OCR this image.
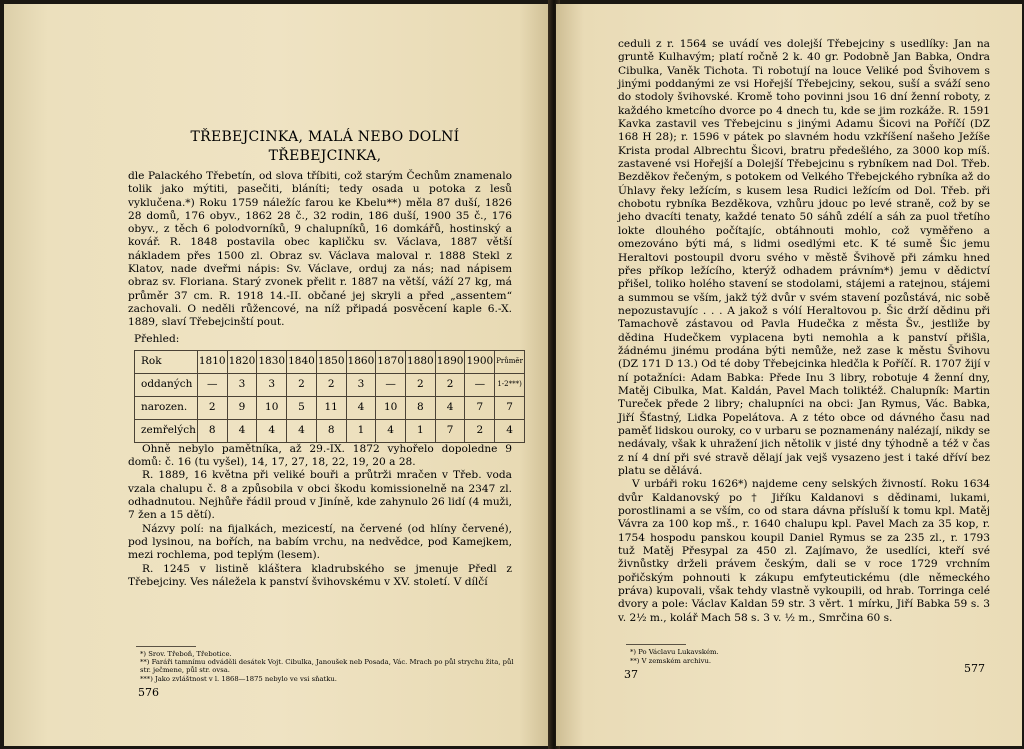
TŘEBEJCINKA, MALÁ NEBO DOLNÍ
TŘEBEJCINKA,

dle Palackého Třebetín, od slova tříbiti, což starým Čechům znamenalo tolik jako mýtiti, pasečiti, bláníti; tedy osada u potoka z lesů vyklučena.*) Roku 1759 náležíc farou ke Kbelu**) měla 87 duší, 1826 28 domů, 176 obyv., 1862 28 č., 32 rodin, 186 duší, 1900 35 č., 176 obyv., z těch 6 polodvorníků, 9 chalupníků, 16 domkářů, hostinský a kovář. R. 1848 postavila obec kapličku sv. Václava, 1887 větší nákladem přes 1500 zl. Obraz sv. Václava maloval r. 1888 Stekl z Klatov, nade dveřmi nápis: Sv. Václave, orduj za nás; nad nápisem obraz sv. Floriana. Starý zvonek přelit r. 1887 na větší, váží 27 kg, má průměr 37 cm. R. 1918 14.-II. občané jej skryli a před „assentem“ zachovali. O neděli růžencové, na níž připadá posvěcení kaple 6.-X. 1889, slaví Třebejcinští pout.

Přehled:
Rok	1810	1820	1830	1840	1850	1860	1870	1880	1890	1900	Průměr
oddaných	—	3	3	2	2	3	—	2	2	—	1-2***)
narozen.	2	9	10	5	11	4	10	8	4	7	7
zemřelých	8	4	4	4	8	1	4	1	7	2	4

Ohně nebylo pamětníka, až 29.-IX. 1872 vyhořelo dopoledne 9 domů: č. 16 (tu vyšel), 14, 17, 27, 18, 22, 19, 20 a 28.

R. 1889, 16 května při veliké bouři a průtrži mračen v Třeb. voda vzala chalupu č. 8 a způsobila v obci škodu komissionelně na 2347 zl. odhadnutou. Nejhůře řádil proud v Jiníně, kde zahynulo 26 lidí (4 muži, 7 žen a 15 dětí).

Názvy polí: na fijalkách, mezicestí, na červené (od hlíny červené), pod lysinou, na bořích, na babím vrchu, na nedvědce, pod Kamejkem, mezi rochlema, pod teplým (lesem).

R. 1245 v listině kláštera kladrubského se jmenuje Předl z Třebejciny. Ves náležela k panství švihovskému v XV. století. V dílčí

*) Srov. Třeboň, Třebotice.

**) Faráři tamnímu odváděli desátek Vojt. Cibulka, Janoušek neb Posada, Vác. Mrach po půl strychu žita, půl str. ječmene, půl str. ovsa.

***) Jako zvláštnost v l. 1868—1875 nebylo ve vsi sňatku.

576

ceduli z r. 1564 se uvádí ves dolejší Třebejciny s usedlíky: Jan na gruntě Kulhavým; platí ročně 2 k. 40 gr. Podobně Jan Babka, Ondra Cibulka, Vaněk Tichota. Ti robotují na louce Veliké pod Švihovem s jinými poddanými ze vsi Hořejší Třebejciny, sekou, suší a sváží seno do stodoly švihovské. Kromě toho povinni jsou 16 dní ženní roboty, z každého kmetcího dvorce po 4 dnech tu, kde se jim rozkáže. R. 1591 Kavka zastavil ves Třebejcinu s jinými Adamu Šicovi na Poříčí (DZ 168 H 28); r. 1596 v pátek po slavném hodu vzkříšení našeho Ježíše Krista prodal Albrechtu Šicovi, bratru předešlého, za 3000 kop míš. zastavené vsi Hořejší a Dolejší Třebejcinu s rybníkem nad Dol. Třeb. Bezděkov řečeným, s potokem od Velkého Třebejckého rybníka až do Úhlavy řeky ležícím, s kusem lesa Rudici ležícím od Dol. Třeb. při chobotu rybníka Bezděkova, vzhůru jdouc po levé straně, což by se jeho dvacíti tenaty, každé tenato 50 sáhů zdélí a sáh za puol třetího lokte dlouhého počítajíc, obtáhnouti mohlo, což vyměřeno a omezováno býti má, s lidmi osedlými etc. K té sumě Šic jemu Heraltovi postoupil dvoru svého v městě Švihově při zámku hned přes příkop ležícího, kterýž odhadem právním*) jemu v dědictví přišel, toliko holého stavení se stodolami, stájemi a ratejnou, stájemi a summou se vším, jakž týž dvůr v svém stavení pozůstává, nic sobě nepozustavujíc . . . A jakož s vólí Heraltovou p. Šic drží dědinu při Tamachově zástavou od Pavla Hudečka z města Šv., jestliže by dědina Hudečkem vyplacena byti nemohla a k panství přišla, žádnému jinému prodána býti nemůže, než zase k městu Švihovu (DZ 171 D 13.) Od té doby Třebejcinka hledčla k Poříčí. R. 1707 žijí v ní potažníci: Adam Babka: Přede Inu 3 libry, robotuje 4 ženní dny, Matěj Cibulka, Mat. Kaldán, Pavel Mach toliktéž. Chalupník: Martin Tureček přede 2 libry; chalupníci na obci: Jan Rymus, Vác. Babka, Jiří Šťastný, Lidka Popelátova. A z této obce od dávného času nad paměť lidskou ouroky, co v urbaru se poznamenány nalézají, nikdy se nedávaly, však k uhražení jich nětolik v jisté dny týhodně a též v čas z ní 4 dní při své stravě dělají jak vejš vysazeno jest i také dříví bez platu se dělává.

V urbáři roku 1626*) najdeme ceny selských živností. Roku 1634 dvůr Kaldanovský po † Jiříku Kaldanovi s dědinami, lukami, porostlinami a se vším, co od stara dávna přísluší k tomu kpl. Matěj Vávra za 100 kop mš., r. 1640 chalupu kpl. Pavel Mach za 35 kop, r. 1754 hospodu panskou koupil Daniel Rymus se za 235 zl., r. 1793 tuž Matěj Přesypal za 450 zl. Zajímavo, že usedlíci, kteří své živnůstky drželi právem českým, dali se v roce 1729 vrchním pořičským pohnouti k zákupu emfyteutickému (dle německého práva) kupovali, však tehdy vlastně vykoupili, od hrab. Torringa celé dvory a pole: Václav Kaldan 59 str. 3 věrt. 1 mírku, Jiří Babka 59 s. 3 v. 2½ m., kolář Mach 58 s. 3 v. ½ m., Smrčina 60 s.

*) Po Václavu Lukavském.

**) V zemském archivu.

37	577
